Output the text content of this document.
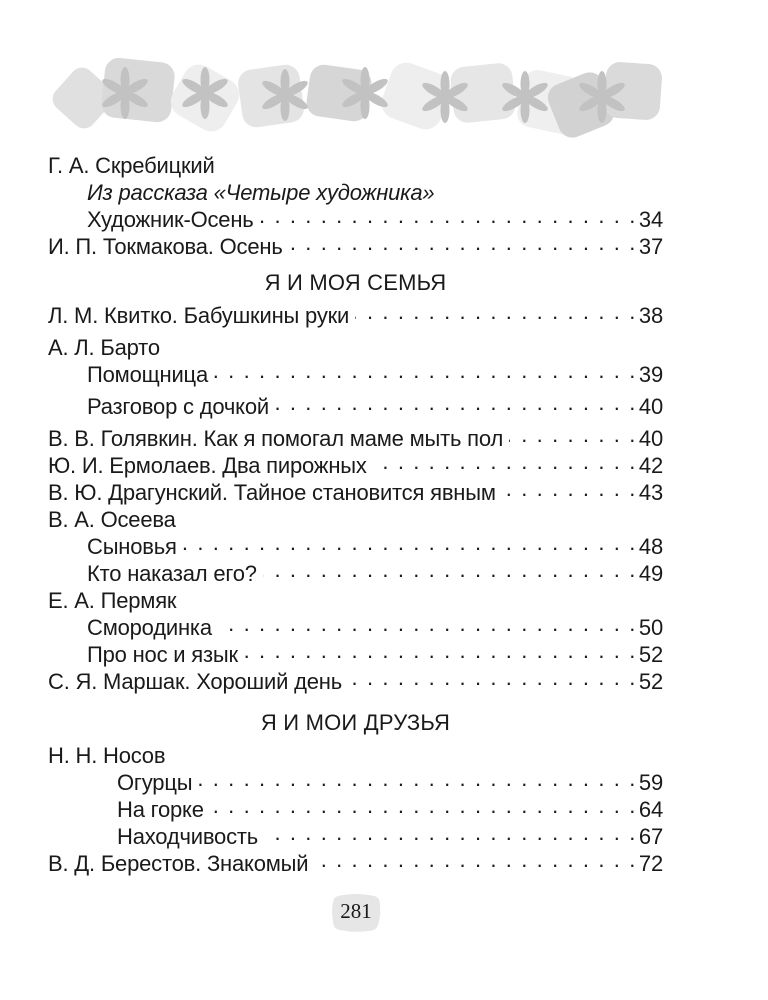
Г. А. Скребицкий
Из рассказа «Четыре художника»
Художник-Осень . . .	34
И. П. Токмакова. Осень . . .	37
Я И МОЯ СЕМЬЯ
Л. М. Квитко. Бабушкины руки . . .	38
А. Л. Барто
Помощница . . .	39
Разговор с дочкой . . .	40
В. В. Голявкин. Как я помогал маме мыть пол . . .	40
Ю. И. Ермолаев. Два пирожных . . .	42
В. Ю. Драгунский. Тайное становится явным . . .	43
В. А. Осеева
Сыновья . . .	48
Кто наказал его? . . .	49
Е. А. Пермяк
Смородинка . . .	50
Про нос и язык . . .	52
С. Я. Маршак. Хороший день . . .	52
Я И МОИ ДРУЗЬЯ
Н. Н. Носов
Огурцы . . .	59
На горке . . .	64
Находчивость . . .	67
В. Д. Берестов. Знакомый . . .	72
281
